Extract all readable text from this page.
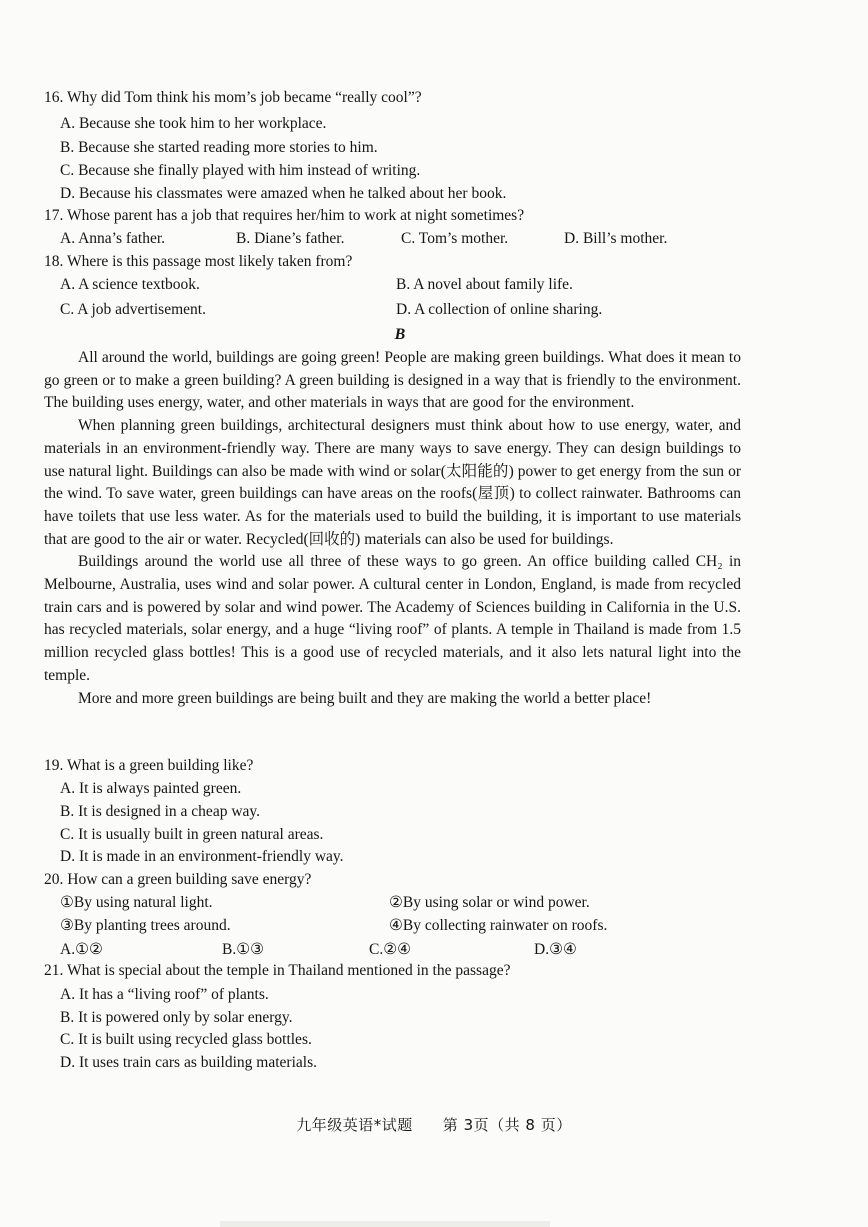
16. Why did Tom think his mom’s job became “really cool”?
A. Because she took him to her workplace.
B. Because she started reading more stories to him.
C. Because she finally played with him instead of writing.
D. Because his classmates were amazed when he talked about her book.
17. Whose parent has a job that requires her/him to work at night sometimes?
A. Anna’s father.	B. Diane’s father.	C. Tom’s mother.	D. Bill’s mother.
18. Where is this passage most likely taken from?
A. A science textbook.	B. A novel about family life.
C. A job advertisement.	D. A collection of online sharing.
B

All around the world, buildings are going green! People are making green buildings. What does it mean to go green or to make a green building? A green building is designed in a way that is friendly to the environment. The building uses energy, water, and other materials in ways that are good for the environment.

When planning green buildings, architectural designers must think about how to use energy, water, and materials in an environment-friendly way. There are many ways to save energy. They can design buildings to use natural light. Buildings can also be made with wind or solar(太阳能的) power to get energy from the sun or the wind. To save water, green buildings can have areas on the roofs(屋顶) to collect rainwater. Bathrooms can have toilets that use less water. As for the materials used to build the building, it is important to use materials that are good to the air or water. Recycled(回收的) materials can also be used for buildings.

Buildings around the world use all three of these ways to go green. An office building called CH₂ in Melbourne, Australia, uses wind and solar power. A cultural center in London, England, is made from recycled train cars and is powered by solar and wind power. The Academy of Sciences building in California in the U.S. has recycled materials, solar energy, and a huge “living roof” of plants. A temple in Thailand is made from 1.5 million recycled glass bottles! This is a good use of recycled materials, and it also lets natural light into the temple.

More and more green buildings are being built and they are making the world a better place!

19. What is a green building like?
A. It is always painted green.
B. It is designed in a cheap way.
C. It is usually built in green natural areas.
D. It is made in an environment-friendly way.
20. How can a green building save energy?
①By using natural light.	②By using solar or wind power.
③By planting trees around.	④By collecting rainwater on roofs.
A.①②	B.①③	C.②④	D.③④
21. What is special about the temple in Thailand mentioned in the passage?
A. It has a “living roof” of plants.
B. It is powered only by solar energy.
C. It is built using recycled glass bottles.
D. It uses train cars as building materials.
九年级英语*试题 第 3页（共 8 页）
